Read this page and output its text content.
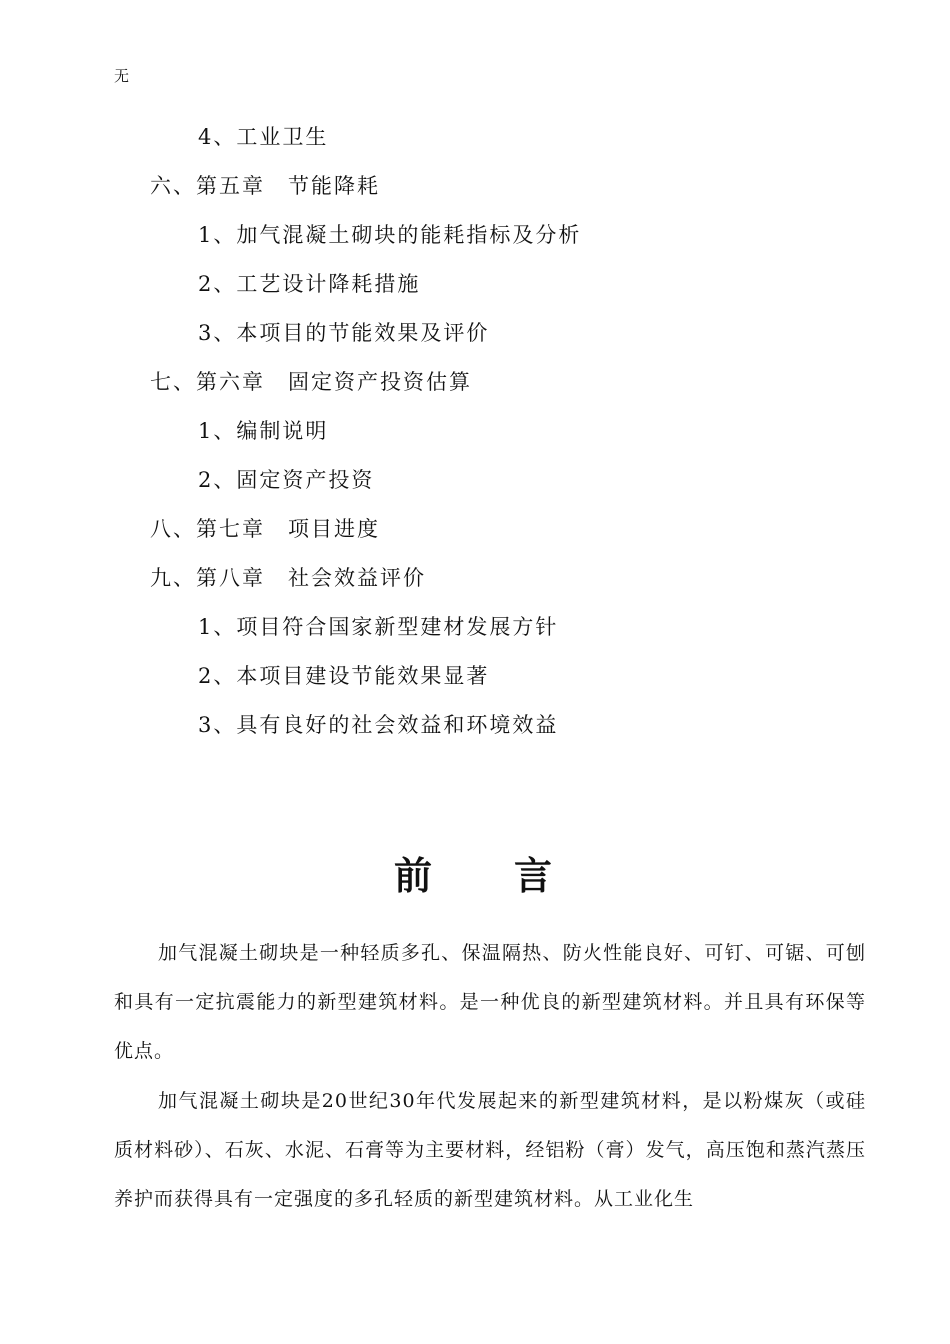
无
4、工业卫生
六、第五章　节能降耗
1、加气混凝土砌块的能耗指标及分析
2、工艺设计降耗措施
3、本项目的节能效果及评价
七、第六章　固定资产投资估算
1、编制说明
2、固定资产投资
八、第七章　项目进度
九、第八章　社会效益评价
1、项目符合国家新型建材发展方针
2、本项目建设节能效果显著
3、具有良好的社会效益和环境效益
前言

加气混凝土砌块是一种轻质多孔、保温隔热、防火性能良好、可钉、可锯、可刨和具有一定抗震能力的新型建筑材料。是一种优良的新型建筑材料。并且具有环保等优点。

加气混凝土砌块是20世纪30年代发展起来的新型建筑材料，是以粉煤灰（或硅质材料砂）、石灰、水泥、石膏等为主要材料，经铝粉（膏）发气，高压饱和蒸汽蒸压养护而获得具有一定强度的多孔轻质的新型建筑材料。从工业化生
